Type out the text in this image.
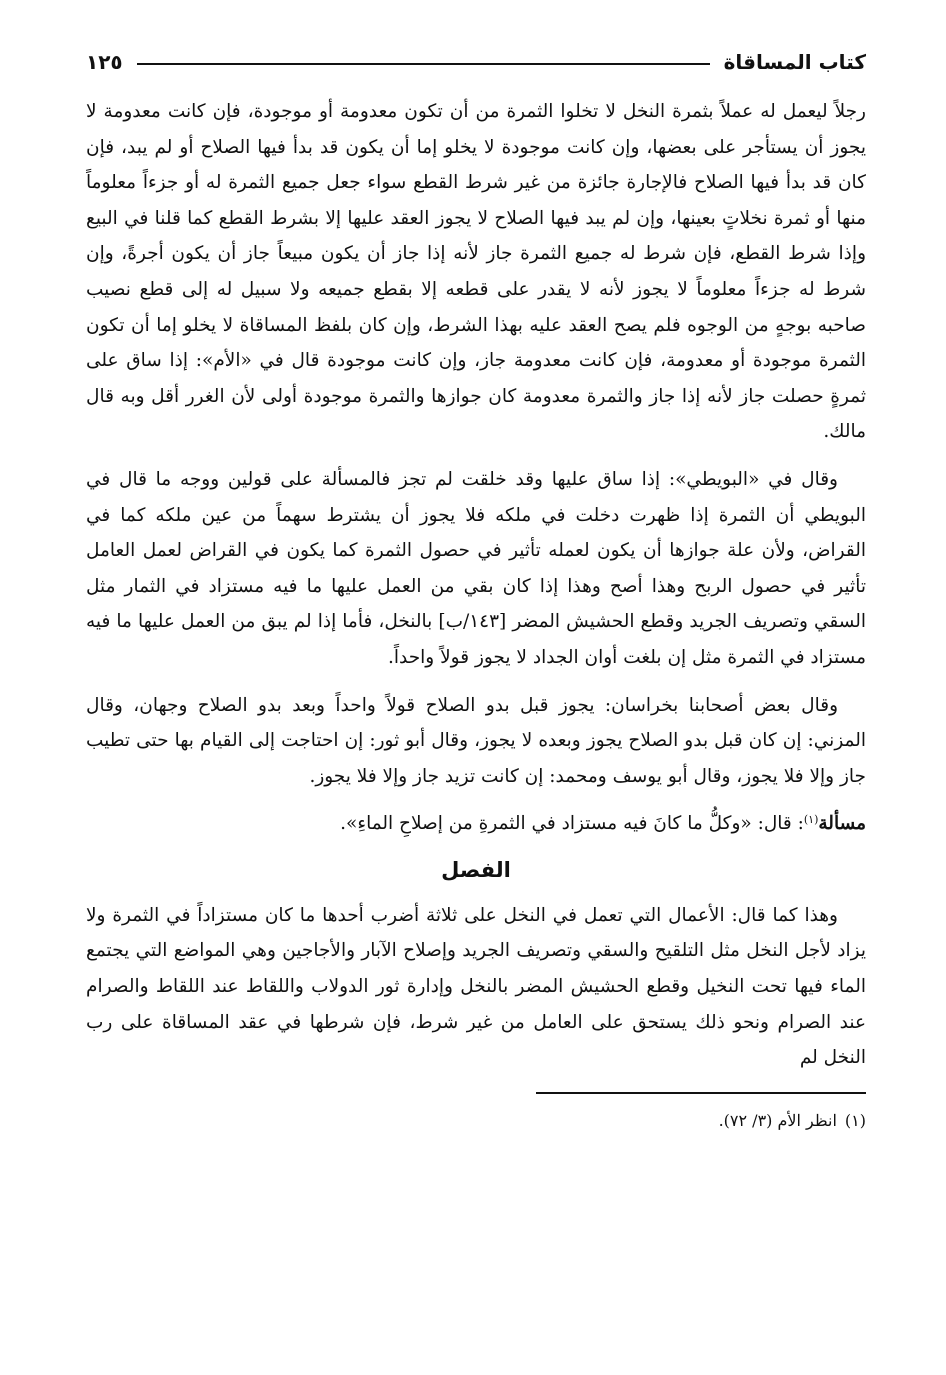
كتاب المساقاة
١٢٥

رجلاً ليعمل له عملاً بثمرة النخل لا تخلوا الثمرة من أن تكون معدومة أو موجودة، فإن كانت معدومة لا يجوز أن يستأجر على بعضها، وإن كانت موجودة لا يخلو إما أن يكون قد بدأ فيها الصلاح أو لم يبد، فإن كان قد بدأ فيها الصلاح فالإجارة جائزة من غير شرط القطع سواء جعل جميع الثمرة له أو جزءاً معلوماً منها أو ثمرة نخلاتٍ بعينها، وإن لم يبد فيها الصلاح لا يجوز العقد عليها إلا بشرط القطع كما قلنا في البيع وإذا شرط القطع، فإن شرط له جميع الثمرة جاز لأنه إذا جاز أن يكون مبيعاً جاز أن يكون أجرةً، وإن شرط له جزءاً معلوماً لا يجوز لأنه لا يقدر على قطعه إلا بقطع جميعه ولا سبيل له إلى قطع نصيب صاحبه بوجهٍ من الوجوه فلم يصح العقد عليه بهذا الشرط، وإن كان بلفظ المساقاة لا يخلو إما أن تكون الثمرة موجودة أو معدومة، فإن كانت معدومة جاز، وإن كانت موجودة قال في «الأم»: إذا ساق على ثمرةٍ حصلت جاز لأنه إذا جاز والثمرة معدومة كان جوازها والثمرة موجودة أولى لأن الغرر أقل وبه قال مالك.

وقال في «البويطي»: إذا ساق عليها وقد خلقت لم تجز فالمسألة على قولين ووجه ما قال في البويطي أن الثمرة إذا ظهرت دخلت في ملكه فلا يجوز أن يشترط سهماً من عين ملكه كما في القراض، ولأن علة جوازها أن يكون لعمله تأثير في حصول الثمرة كما يكون في القراض لعمل العامل تأثير في حصول الربح وهذا أصح وهذا إذا كان بقي من العمل عليها ما فيه مستزاد في الثمار مثل السقي وتصريف الجريد وقطع الحشيش المضر [١٤٣/ب] بالنخل، فأما إذا لم يبق من العمل عليها ما فيه مستزاد في الثمرة مثل إن بلغت أوان الجداد لا يجوز قولاً واحداً.

وقال بعض أصحابنا بخراسان: يجوز قبل بدو الصلاح قولاً واحداً وبعد بدو الصلاح وجهان، وقال المزني: إن كان قبل بدو الصلاح يجوز وبعده لا يجوز، وقال أبو ثور: إن احتاجت إلى القيام بها حتى تطيب جاز وإلا فلا يجوز، وقال أبو يوسف ومحمد: إن كانت تزيد جاز وإلا فلا يجوز.

مسألة$^{(١)}$: قال: «وكلُّ ما كانَ فيه مستزاد في الثمرةِ من إصلاحِ الماءِ».

الفصل

وهذا كما قال: الأعمال التي تعمل في النخل على ثلاثة أضرب أحدها ما كان مستزاداً في الثمرة ولا يزاد لأجل النخل مثل التلقيح والسقي وتصريف الجريد وإصلاح الآبار والأجاجين وهي المواضع التي يجتمع الماء فيها تحت النخيل وقطع الحشيش المضر بالنخل وإدارة ثور الدولاب واللقاط عند اللقاط والصرام عند الصرام ونحو ذلك يستحق على العامل من غير شرط، فإن شرطها في عقد المساقاة على رب النخل لم

(١)انظر الأم (٣/ ٧٢).
